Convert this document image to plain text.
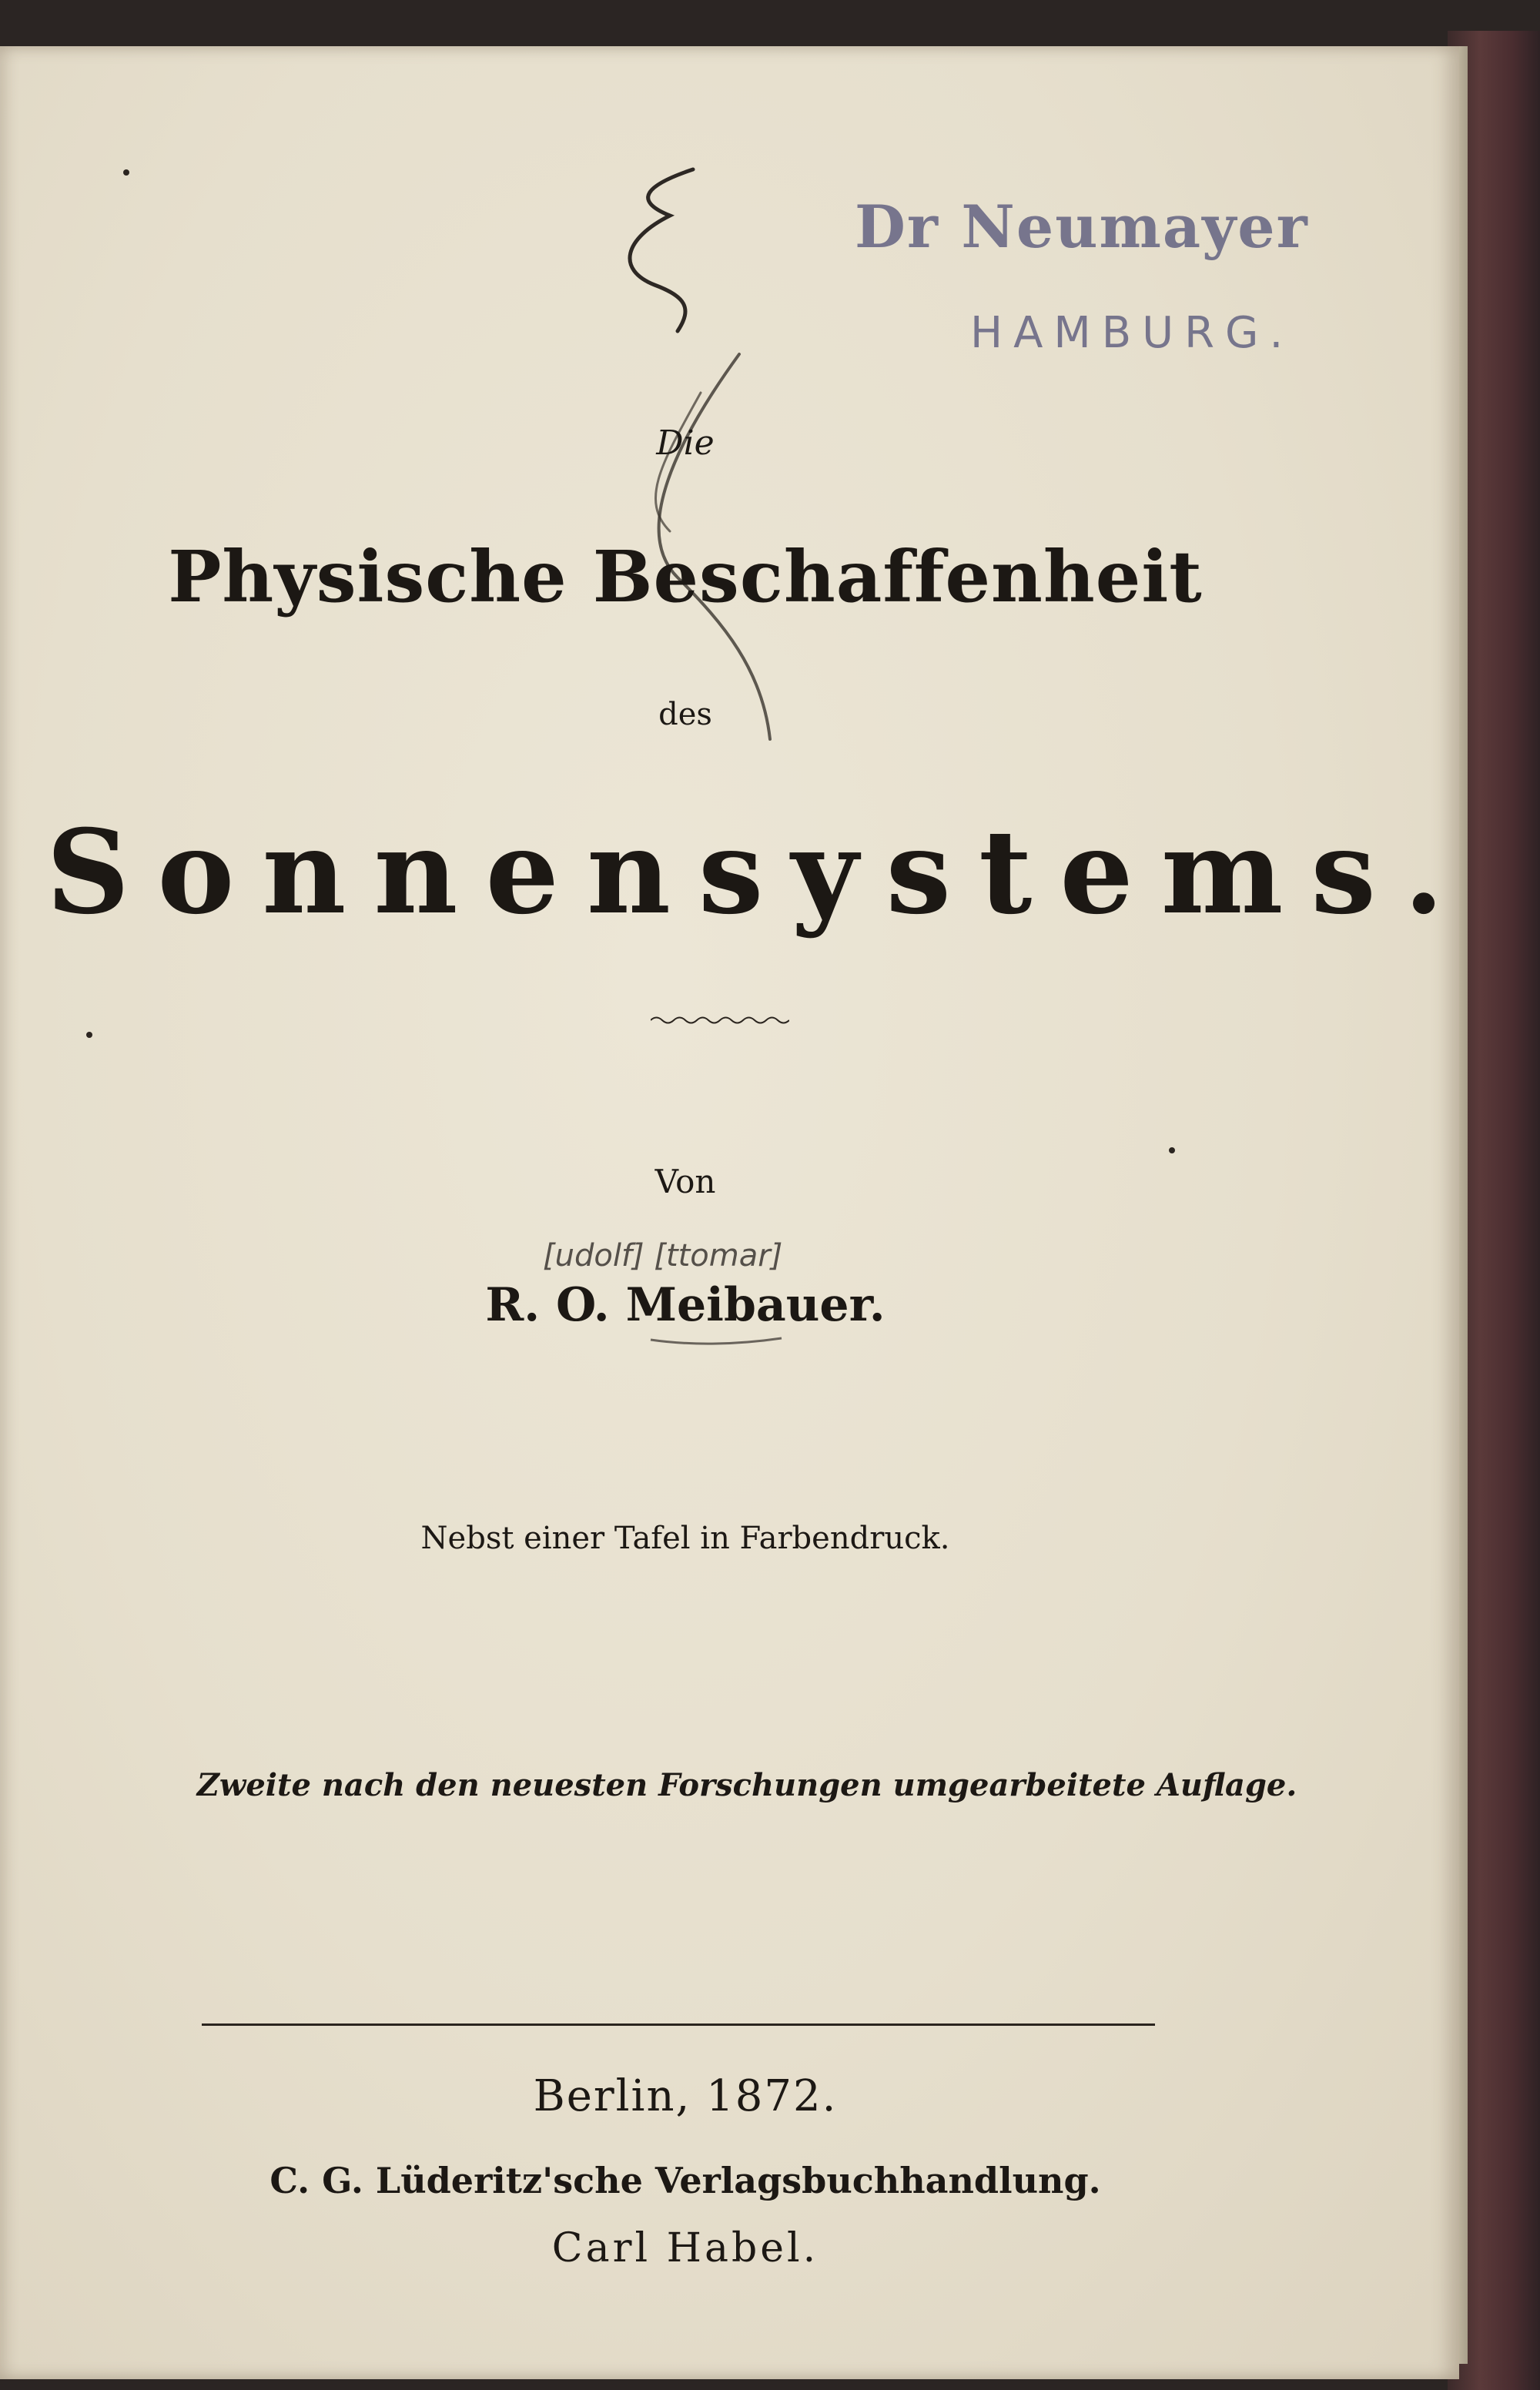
Dr Neumayer
HAMBURG.
Die
Physische Beschaffenheit
des
Sonnensystems.
Von
[udolf] [ttomar]
R. O. Meibauer.
Nebst einer Tafel in Farbendruck.
Zweite nach den neuesten Forschungen umgearbeitete Auflage.
Berlin, 1872.
C. G. Lüderitz'sche Verlagsbuchhandlung.
Carl Habel.
